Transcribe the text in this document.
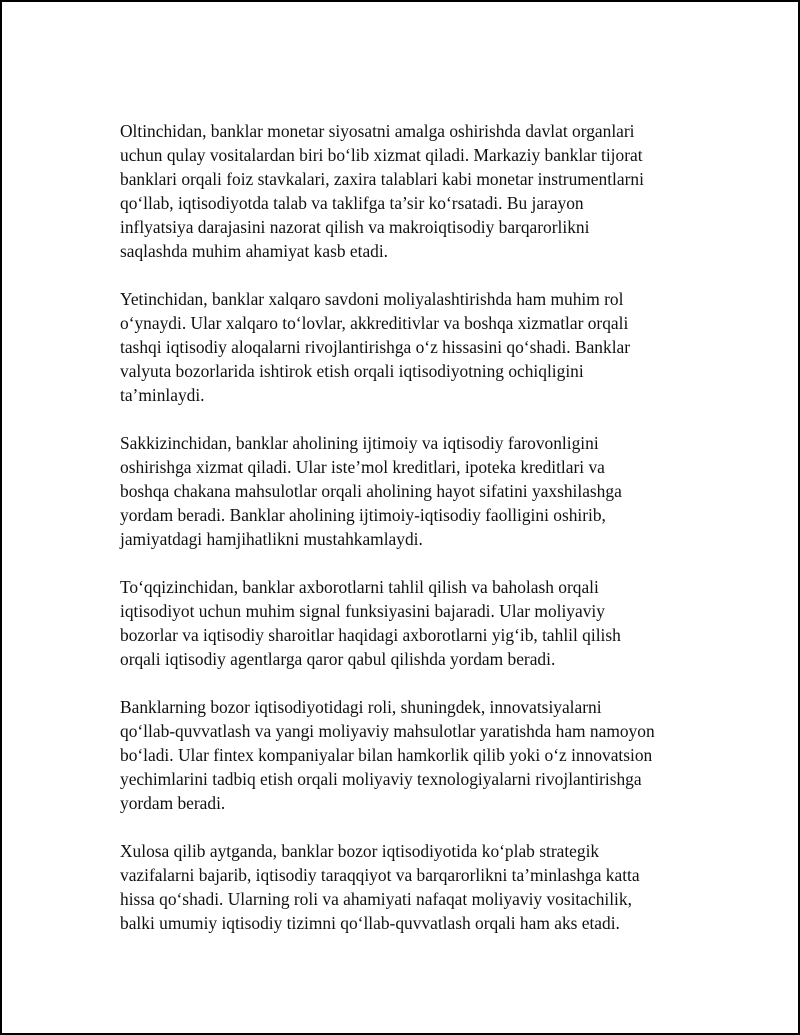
Oltinchidan, banklar monetar siyosatni amalga oshirishda davlat organlari
uchun qulay vositalardan biri bo‘lib xizmat qiladi. Markaziy banklar tijorat
banklari orqali foiz stavkalari, zaxira talablari kabi monetar instrumentlarni
qo‘llab, iqtisodiyotda talab va taklifga ta’sir ko‘rsatadi. Bu jarayon
inflyatsiya darajasini nazorat qilish va makroiqtisodiy barqarorlikni
saqlashda muhim ahamiyat kasb etadi.

Yetinchidan, banklar xalqaro savdoni moliyalashtirishda ham muhim rol
o‘ynaydi. Ular xalqaro to‘lovlar, akkreditivlar va boshqa xizmatlar orqali
tashqi iqtisodiy aloqalarni rivojlantirishga o‘z hissasini qo‘shadi. Banklar
valyuta bozorlarida ishtirok etish orqali iqtisodiyotning ochiqligini
ta’minlaydi.

Sakkizinchidan, banklar aholining ijtimoiy va iqtisodiy farovonligini
oshirishga xizmat qiladi. Ular iste’mol kreditlari, ipoteka kreditlari va
boshqa chakana mahsulotlar orqali aholining hayot sifatini yaxshilashga
yordam beradi. Banklar aholining ijtimoiy-iqtisodiy faolligini oshirib,
jamiyatdagi hamjihatlikni mustahkamlaydi.

To‘qqizinchidan, banklar axborotlarni tahlil qilish va baholash orqali
iqtisodiyot uchun muhim signal funksiyasini bajaradi. Ular moliyaviy
bozorlar va iqtisodiy sharoitlar haqidagi axborotlarni yig‘ib, tahlil qilish
orqali iqtisodiy agentlarga qaror qabul qilishda yordam beradi.

Banklarning bozor iqtisodiyotidagi roli, shuningdek, innovatsiyalarni
qo‘llab-quvvatlash va yangi moliyaviy mahsulotlar yaratishda ham namoyon
bo‘ladi. Ular fintex kompaniyalar bilan hamkorlik qilib yoki o‘z innovatsion
yechimlarini tadbiq etish orqali moliyaviy texnologiyalarni rivojlantirishga
yordam beradi.

Xulosa qilib aytganda, banklar bozor iqtisodiyotida ko‘plab strategik
vazifalarni bajarib, iqtisodiy taraqqiyot va barqarorlikni ta’minlashga katta
hissa qo‘shadi. Ularning roli va ahamiyati nafaqat moliyaviy vositachilik,
balki umumiy iqtisodiy tizimni qo‘llab-quvvatlash orqali ham aks etadi.
